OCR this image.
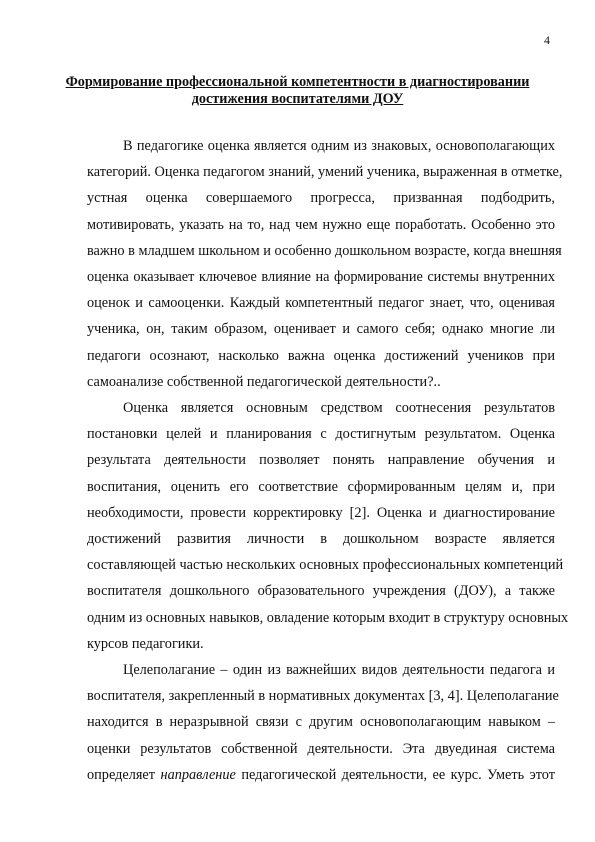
4
Формирование профессиональной компетентности в диагностировании
достижения воспитателями ДОУ

В педагогике оценка является одним из знаковых, основополагающих
категорий. Оценка педагогом знаний, умений ученика, выраженная в отметке,
устная оценка совершаемого прогресса, призванная подбодрить,
мотивировать, указать на то, над чем нужно еще поработать. Особенно это
важно в младшем школьном и особенно дошкольном возрасте, когда внешняя
оценка оказывает ключевое влияние на формирование системы внутренних
оценок и самооценки. Каждый компетентный педагог знает, что, оценивая
ученика, он, таким образом, оценивает и самого себя; однако многие ли
педагоги осознают, насколько важна оценка достижений учеников при
самоанализе собственной педагогической деятельности?..

Оценка является основным средством соотнесения результатов
постановки целей и планирования с достигнутым результатом. Оценка
результата деятельности позволяет понять направление обучения и
воспитания, оценить его соответствие сформированным целям и, при
необходимости, провести корректировку [2]. Оценка и диагностирование
достижений развития личности в дошкольном возрасте является
составляющей частью нескольких основных профессиональных компетенций
воспитателя дошкольного образовательного учреждения (ДОУ), а также
одним из основных навыков, овладение которым входит в структуру основных
курсов педагогики.

Целеполагание – один из важнейших видов деятельности педагога и
воспитателя, закрепленный в нормативных документах [3, 4]. Целеполагание
находится в неразрывной связи с другим основополагающим навыком –
оценки результатов собственной деятельности. Эта двуединая система
определяет направление педагогической деятельности, ее курс. Уметь этот
